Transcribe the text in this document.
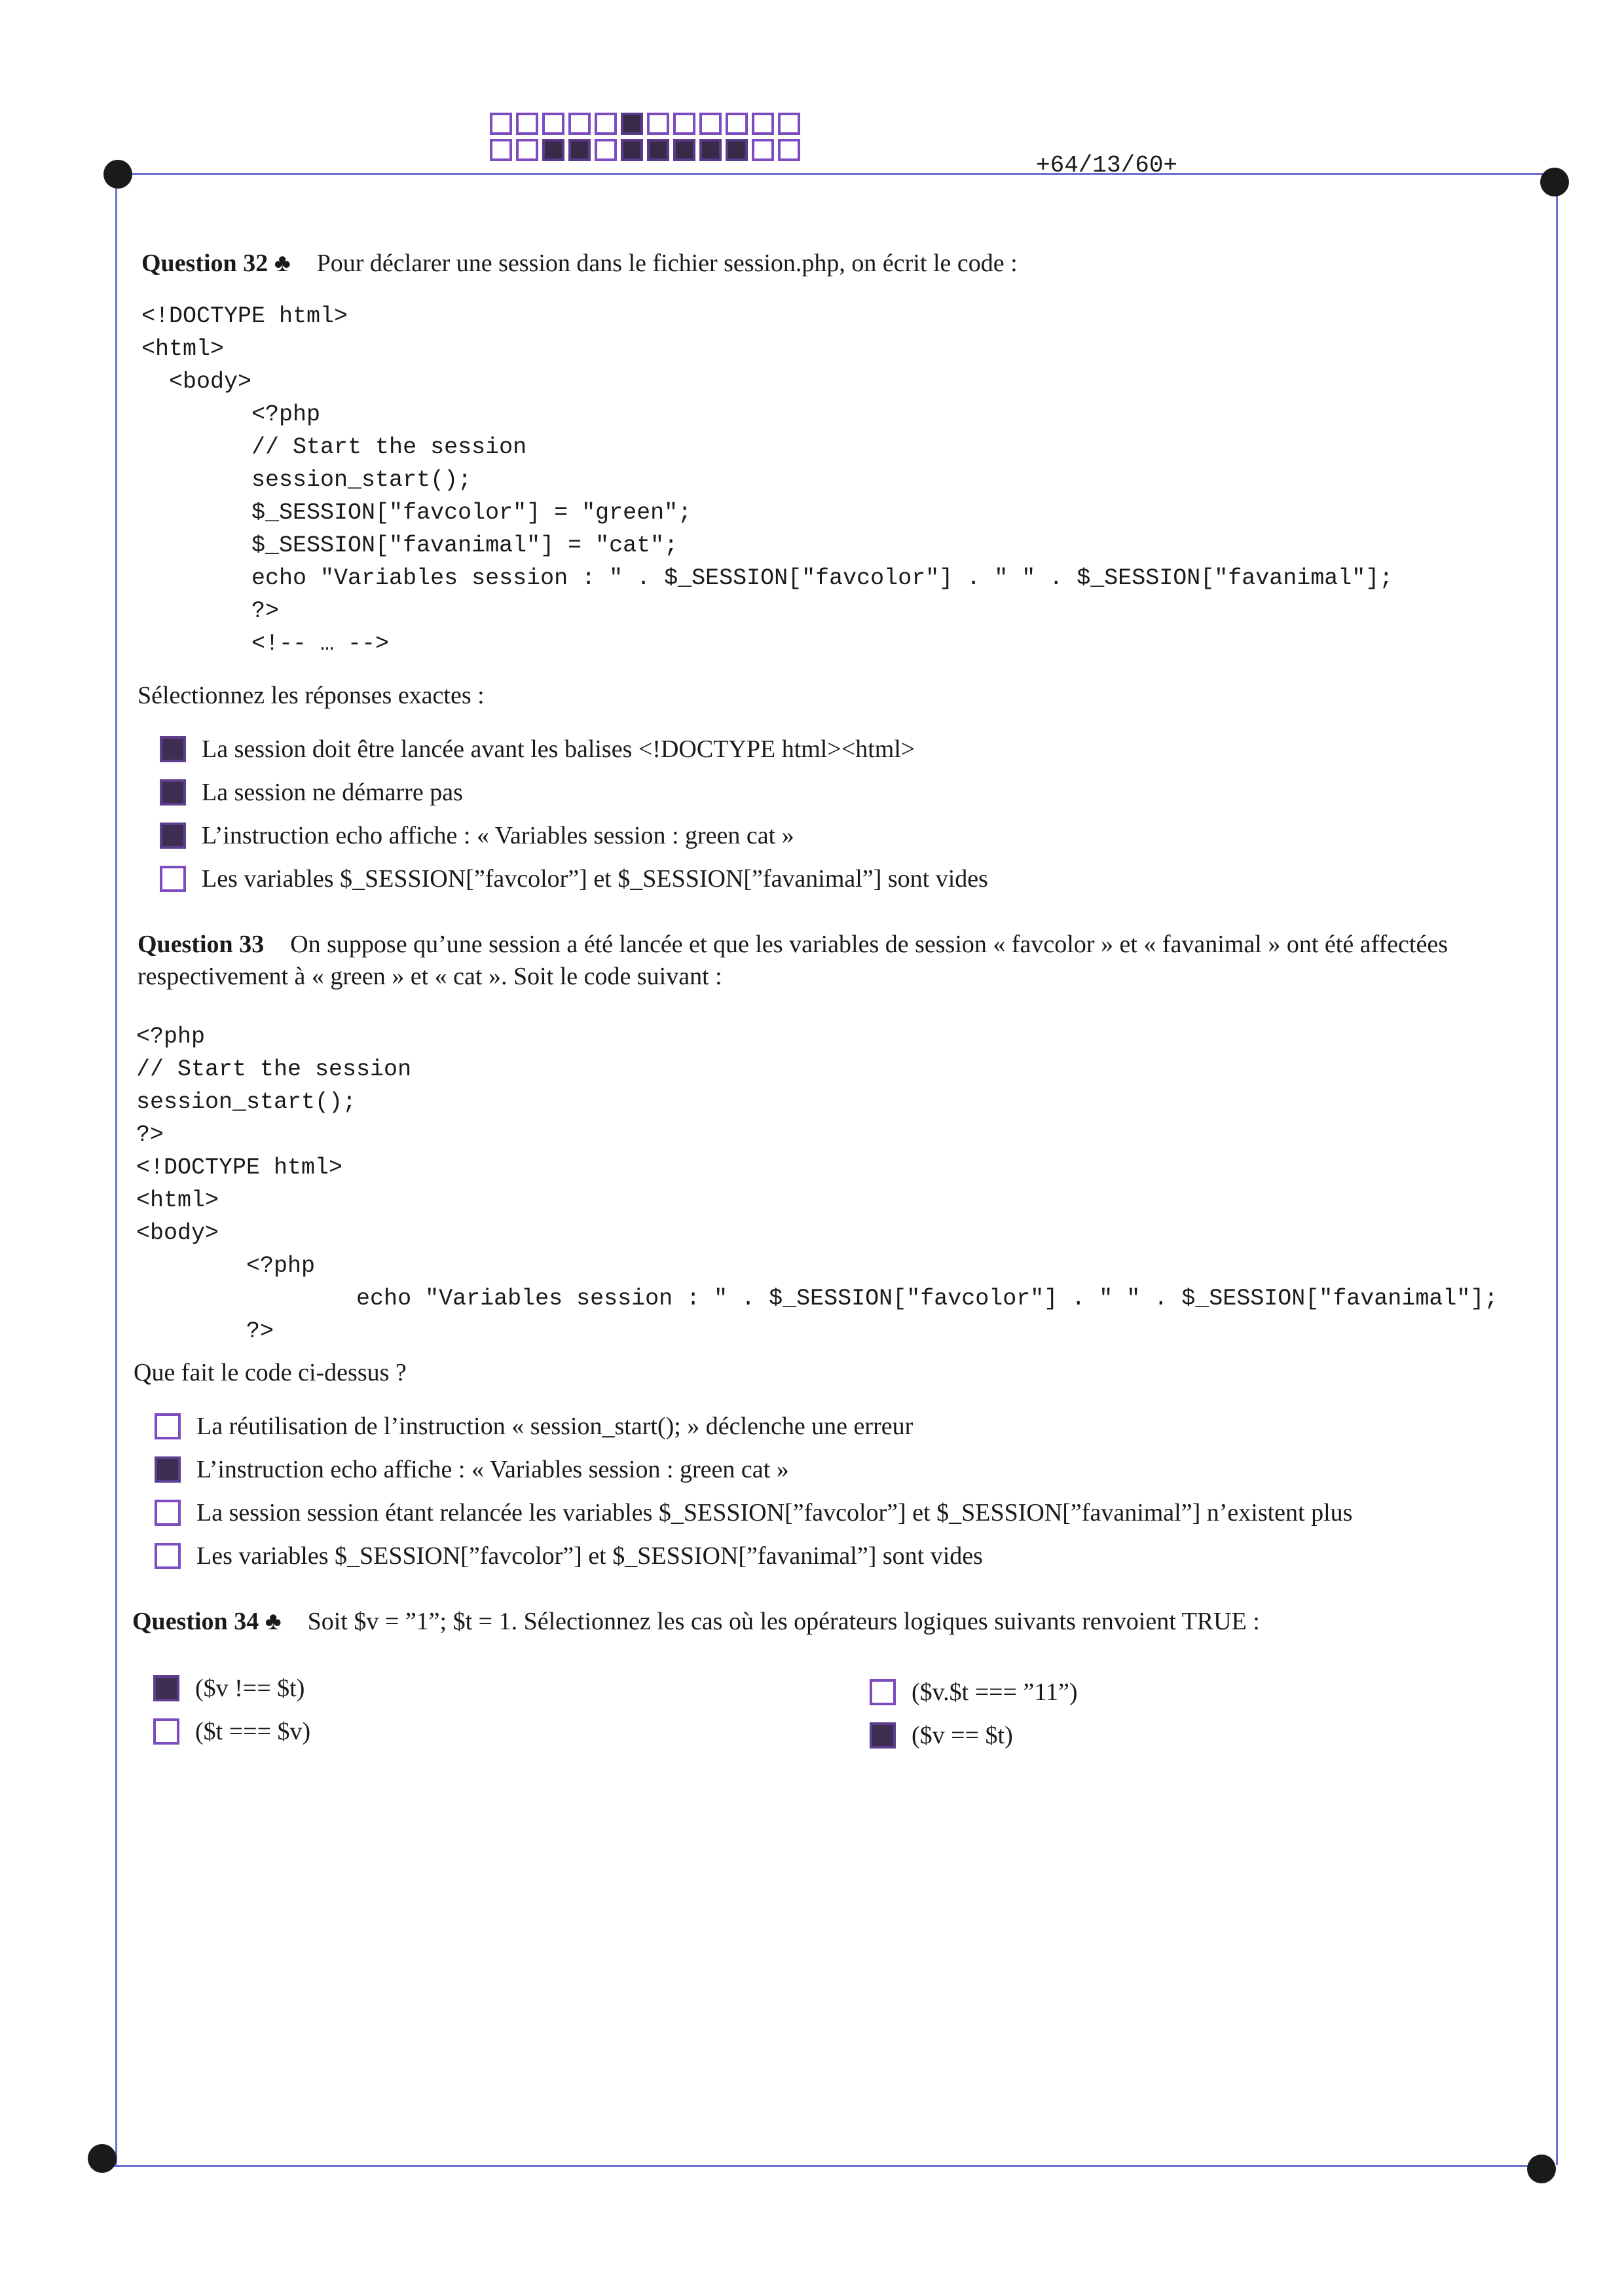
+64/13/60+
Question 32 ♣ Pour déclarer une session dans le fichier session.php, on écrit le code :
<!DOCTYPE html>
<html>
<body>
<?php
// Start the session
session_start();
$_SESSION["favcolor"] = "green";
$_SESSION["favanimal"] = "cat";
echo "Variables session : " . $_SESSION["favcolor"] . " " . $_SESSION["favanimal"];
?>
<!-- … -->
Sélectionnez les réponses exactes :
La session doit être lancée avant les balises <!DOCTYPE html><html>
La session ne démarre pas
L’instruction echo affiche : « Variables session : green cat »
Les variables $_SESSION[”favcolor”] et $_SESSION[”favanimal”] sont vides
Question 33 On suppose qu’une session a été lancée et que les variables de session « favcolor » et « favanimal » ont été affectées respectivement à « green » et « cat ». Soit le code suivant :
<?php
// Start the session
session_start();
?>
<!DOCTYPE html>
<html>
<body>
<?php
echo "Variables session : " . $_SESSION["favcolor"] . " " . $_SESSION["favanimal"];
?>
Que fait le code ci-dessus ?
La réutilisation de l’instruction « session_start(); » déclenche une erreur
L’instruction echo affiche : « Variables session : green cat »
La session session étant relancée les variables $_SESSION[”favcolor”] et $_SESSION[”favanimal”] n’existent plus
Les variables $_SESSION[”favcolor”] et $_SESSION[”favanimal”] sont vides
Question 34 ♣ Soit $v = ”1”; $t = 1. Sélectionnez les cas où les opérateurs logiques suivants renvoient TRUE :
($v !== $t)
($t === $v)
($v.$t === ”11”)
($v == $t)
